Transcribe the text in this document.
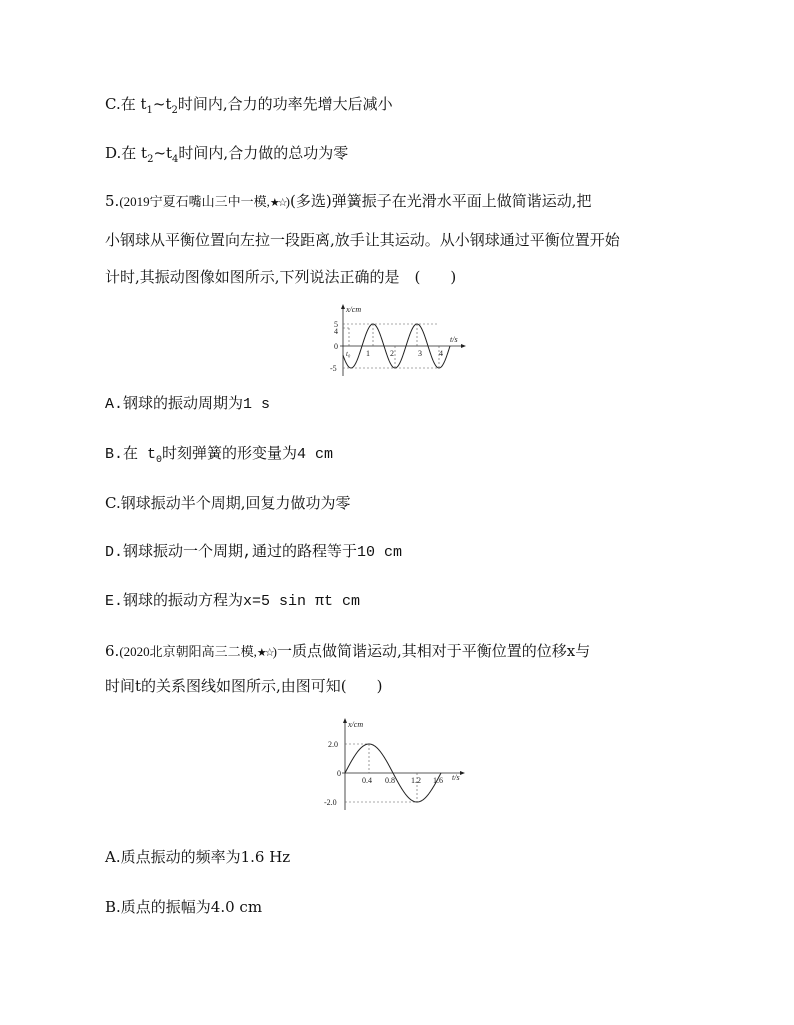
C.在 $t_1\sim t_2$时间内,合力的功率先增大后减小
D.在 $t_2\sim t_4$时间内,合力做的总功为零
5.(2019宁夏石嘴山三中一模,★☆)(多选)弹簧振子在光滑水平面上做简谐运动,把
小钢球从平衡位置向左拉一段距离,放手让其运动。从小钢球通过平衡位置开始
计时,其振动图像如图所示,下列说法正确的是　(　　)
x/cm
t/s
5
4
0
-5
t₀ 1	2	3 4
A.钢球的振动周期为1 s
B.在 $t_0$时刻弹簧的形变量为4 cm
C.钢球振动半个周期,回复力做功为零
D.钢球振动一个周期,通过的路程等于10 cm
E.钢球的振动方程为x=5 sin πt cm
6.(2020北京朝阳高三二模,★☆)一质点做简谐运动,其相对于平衡位置的位移x与
时间t的关系图线如图所示,由图可知(　　)
x/cm
t/s
2.0
0
-2.0
0.4 0.8 1.2 1.6
A.质点振动的频率为1.6 Hz
B.质点的振幅为4.0 cm
